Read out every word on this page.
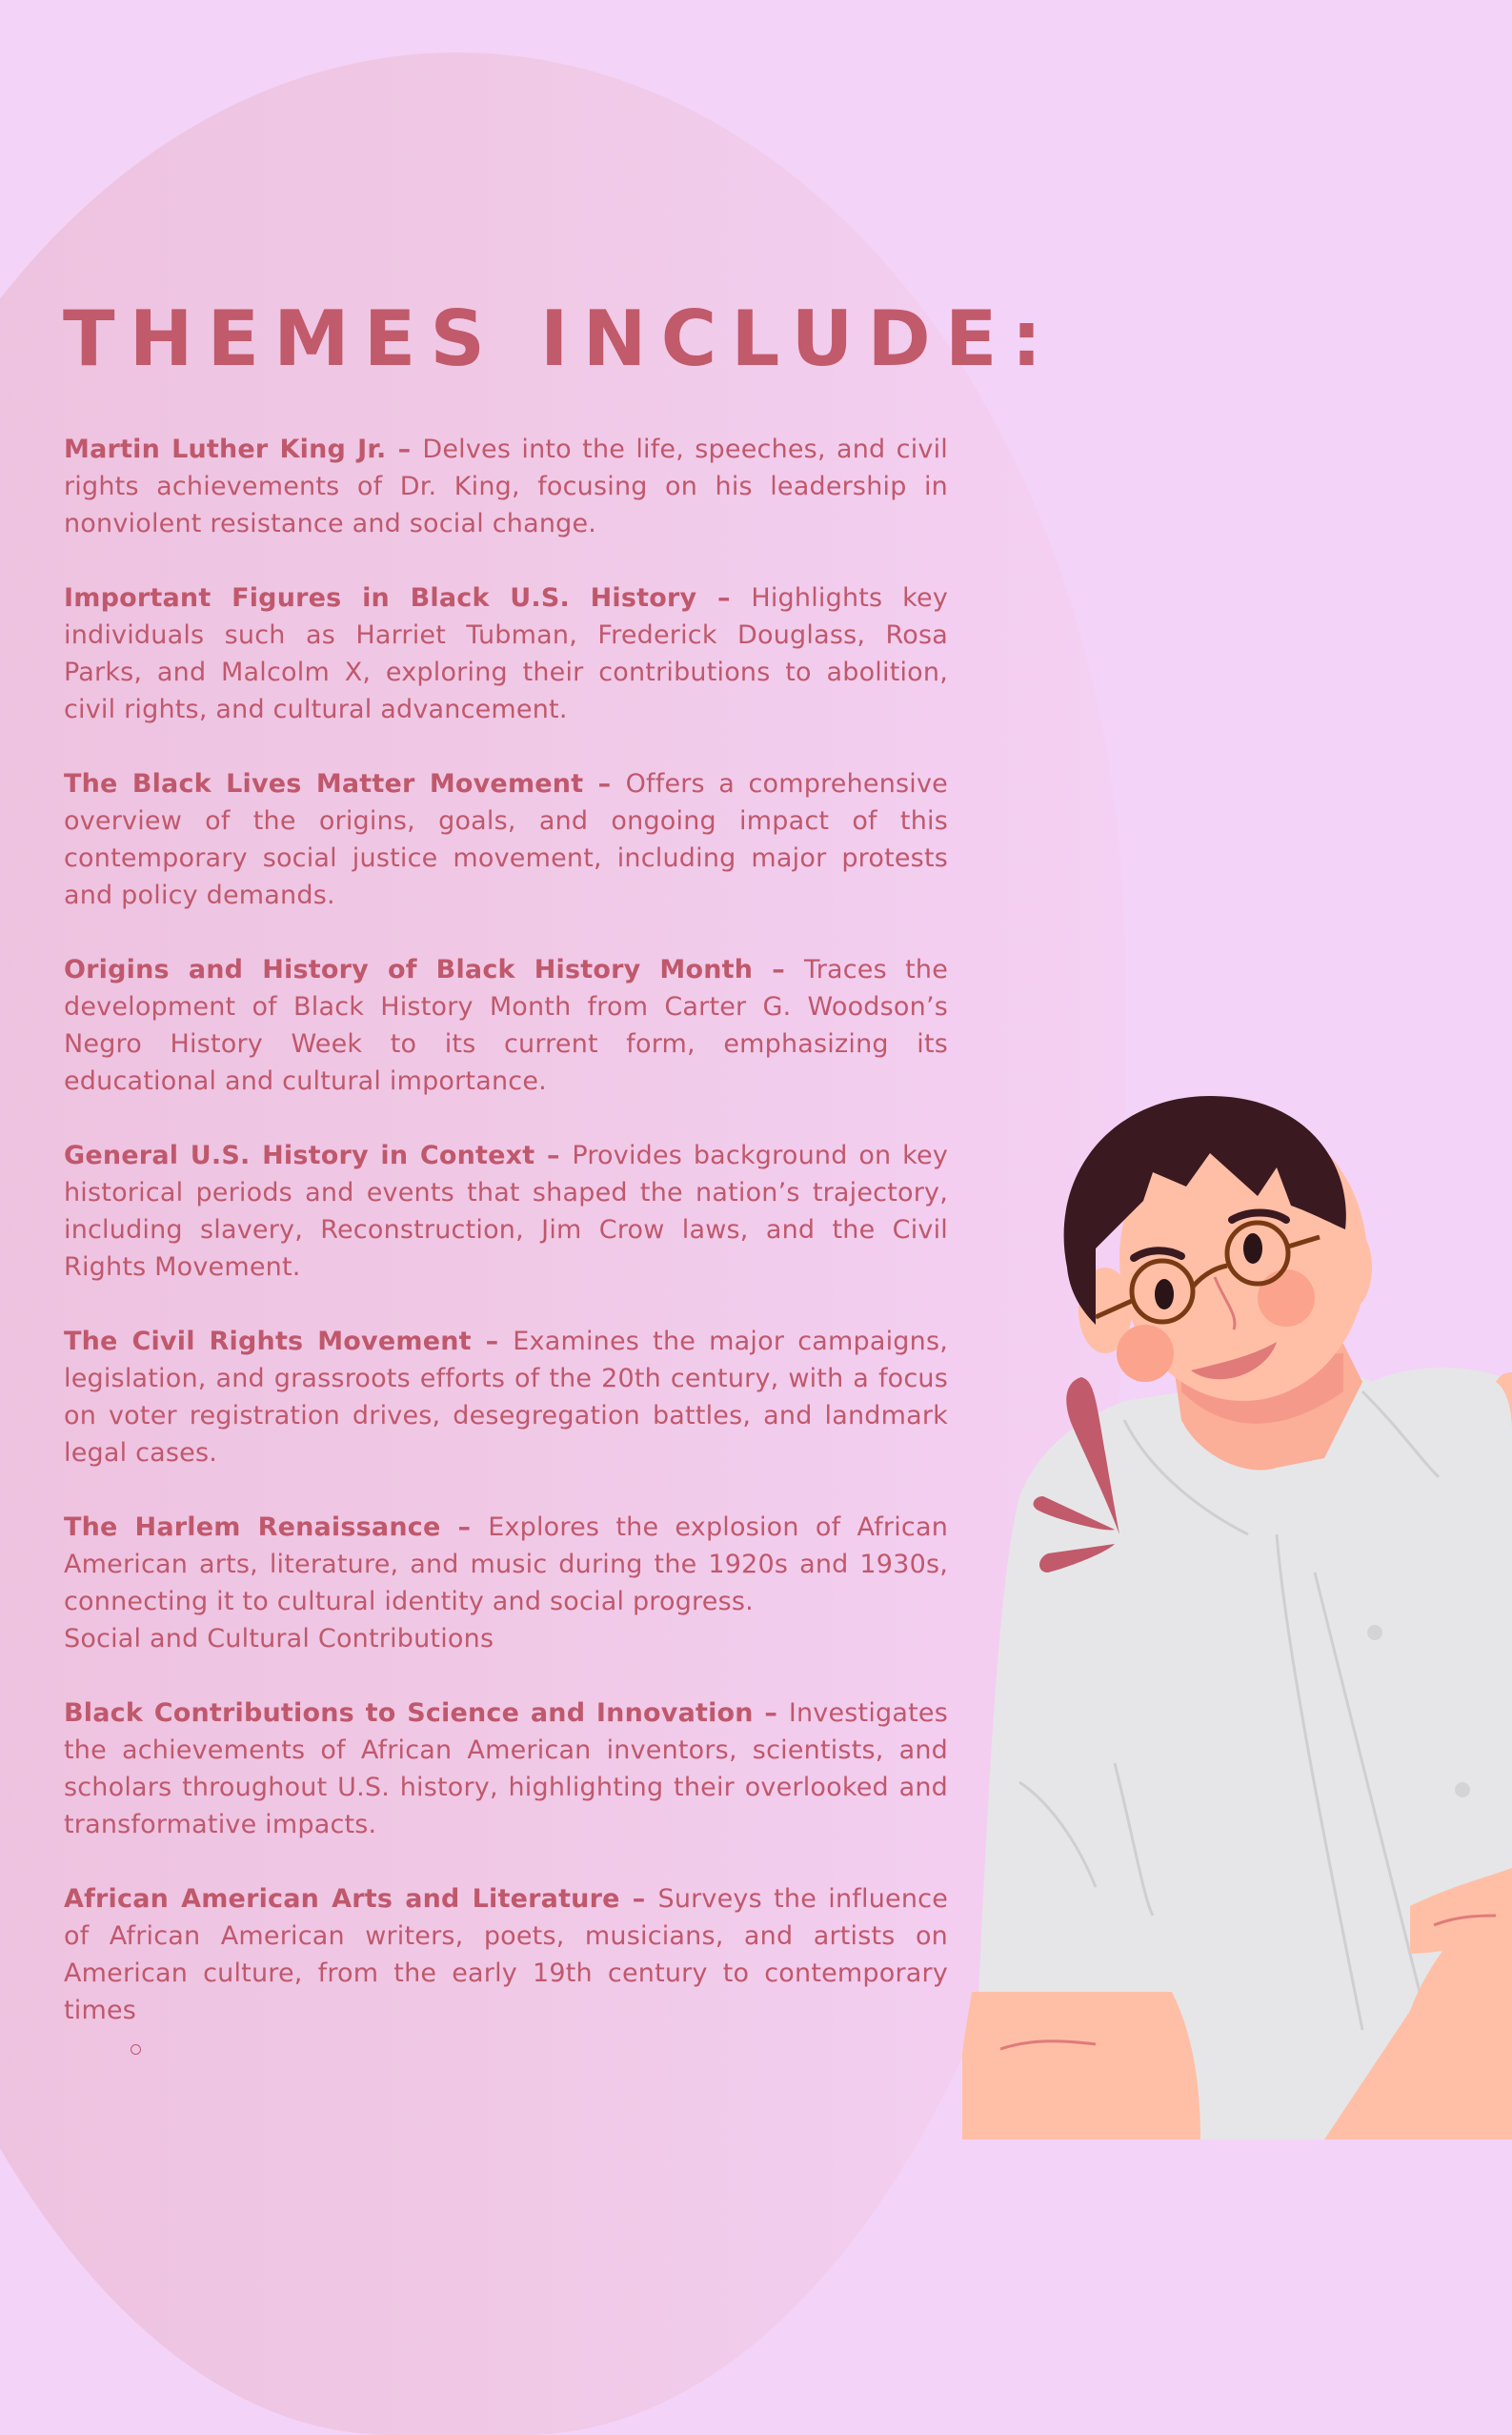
THEMES INCLUDE:

Martin Luther King Jr. – Delves into the life, speeches, and civil rights achievements of Dr. King, focusing on his leadership in nonviolent resistance and social change.

Important Figures in Black U.S. History – Highlights key individuals such as Harriet Tubman, Frederick Douglass, Rosa Parks, and Malcolm X, exploring their contributions to abolition, civil rights, and cultural advancement.

The Black Lives Matter Movement – Offers a comprehensive overview of the origins, goals, and ongoing impact of this contemporary social justice movement, including major protests and policy demands.

Origins and History of Black History Month – Traces the development of Black History Month from Carter G. Woodson’s Negro History Week to its current form, emphasizing its educational and cultural importance.

General U.S. History in Context – Provides background on key historical periods and events that shaped the nation’s trajectory, including slavery, Reconstruction, Jim Crow laws, and the Civil Rights Movement.

The Civil Rights Movement – Examines the major campaigns, legislation, and grassroots efforts of the 20th century, with a focus on voter registration drives, desegregation battles, and landmark legal cases.

The Harlem Renaissance – Explores the explosion of African American arts, literature, and music during the 1920s and 1930s, connecting it to cultural identity and social progress.
Social and Cultural Contributions

Black Contributions to Science and Innovation – Investigates the achievements of African American inventors, scientists, and scholars throughout U.S. history, highlighting their overlooked and transformative impacts.

African American Arts and Literature – Surveys the influence of African American writers, poets, musicians, and artists on American culture, from the early 19th century to contemporary times
